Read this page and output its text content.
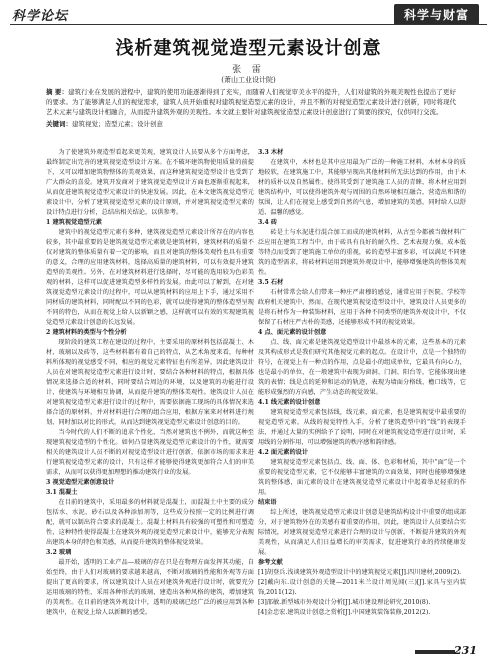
科学论坛	科学与财富
浅析建筑视觉造型元素设计创意
张 雷
(萧山工业设计院)
摘 要：建筑行业在发展的进程中，建筑的使用功能逐渐得到了充实，而随着人们视觉审美水平的提升，人们对建筑的外观美观性也提出了更好的要求。为了能够满足人们的视觉需求，建筑人员开始重视对建筑视觉造型元素的设计，并且不断的对视觉造型元素设计进行创新，同时将现代艺术元素与建筑设计相融合，从而提升建筑外观的美观性。本文就主要针对建筑视觉造型元素设计创意进行了简要的探究，仅供同行交流。
关键词：建筑视觉；造型元素；设计创意

为了使建筑外观造型看起来更美观，建筑设计人员要从多个方面考虑，最终制定出完善的建筑视觉造型设计方案。在不破坏建筑物使用质量的前提下，又可以增加建筑物整体的美观效果，而这种建筑视觉造型设计也受到了广大群众的喜爱。建筑开发商对于建筑视觉造型设计方面也逐渐重视起来，从而促进建筑视觉造型元素设计的快速发展。因此，在本文建筑视觉造型元素设计中，分析了建筑视觉造型元素的设计原则，并对建筑视觉造型元素的设计特点进行分析，总结出相关结论，以供参考。

1 建筑视觉造型元素

建筑中的视觉造型元素有多种，建筑视觉造型元素设计所存在的内容也较多，其中最重要的是建筑视觉造型元素就是建筑材料，建筑材料的质量不仅对建筑的整体质量有着一定的影响，而且对建筑的整体美观性也具有重要的意义，合理的应用建筑材料，选择高质量的建筑材料，可以有效提升建筑造型的美观性。另外，在对建筑材料进行选择时，尽可能的选用较为色彩美观的材料，这样可以促进建筑造型多样性的发展。由此可以了解到，在对建筑视觉造型元素设计的过程中，可以从建筑材料的应用上下手，通过采用不同材质的建筑材料，同时配以不同的色彩，就可以使得建筑的整体造型呈现不同的特色，从而在视觉上给人以新颖之感，这样就可以有效的实现建筑视觉造型元素设计创意的长远发展。

2 建筑材料的类型与个性分析

现阶段的建筑工程在建设的过程中，主要采用的原材料包括混凝土、木材、玻璃以及砖等，这些材料都有着自己的特点，从艺术角度来看，每种材料所体现的视觉感受不同，相应的视觉元素特征也有所差异，因此建筑设计人员在对建筑视觉造型元素进行设计时，要结合各种材料的特点，根据具体情况来选择合适的材料，同时要结合周边的环境，以及建筑的功能进行设计，使建筑与环境相互协调，从而提升建筑的整体美观性。建筑设计人员在对建筑视觉造型元素进行设计的过程中，需要依据施工现场的具体情况来选择合适的原材料，并对材料进行合理的组合应用，根据方案来对材料进行规划，同时加以对比的形式，从而达到建筑视觉造型元素设计创意的目的。

当今时代的人们不断的追求个性化，当然对建筑也不例外，而就这种至现建筑视觉造型的个性化。如何凸显建筑视觉造型元素设计的个性，就需要相关的建筑设计人员不断的对视觉造型设计进行创新，依据市场的需求来进行建筑视觉造型元素的设计，只有这样才能够使得建筑更加符合人们的审美需求，从而可以获得更加理想的推动建筑行业的发展。

3 视觉造型元素创意设计

3.1 混凝土

在目前的建筑中，采用最多的材料就是混凝土，而混凝土中主要的成分包括水、水泥、砂石以及各种添加剂等，这些成分按照一定的比例进行调配，就可以制出符合要求的混凝土。混凝土材料具有较强的可塑性和可塑造性，这种特性使得混凝土在建筑外观的视觉造型元素设计中，能够充分表现出建筑本身的特色和美感，从而提升建筑的整体视觉效果。

3.2 玻璃

最开始，透明的工业产品—玻璃的存在只是在物理方面发挥其功能，自始至终，由于人们对玻璃的要求越来越高，不断对玻璃的性能和外观等方面提出了更高的要求，所以建筑设计人员在对建筑外观进行设计时，就要充分运用玻璃的特性，采用各种形式的玻璃，建造出各种风格的建筑，增加建筑的美观性。在目前的建筑外观设计中，透明的玻璃已经广泛的被应用到各种建筑中，在视觉上给人以新颖的感受。

3.3 木材

在建筑中，木材也是其中应用最为广泛的一种施工材料，木材本身的质地较软，在建筑施工中，其能够呈现出其他材料所无法达到的作用，由于木材的质朴以及自然属性，使得其受到了建筑施工人员的青睐，将木材应用到建筑结构中，可以使得建筑外观与周围的自然环境相互融合，营造出和谐的氛围，让人们在视觉上感受到自然的气息，增加建筑的美感，同时给人以舒适、温馨的感觉。

3.4 砖

砖是土与水泥进行混合加工而成的建筑材料，从古至今都被当做材料广泛应用在建筑工程当中，由于砖具有良好的耐久性、艺术表现力强、成本低等特点而受到了建筑施工单位的重视，砖的造型丰富多彩，可以满足不同建筑的造型需求，将砖材料运用到建筑外观设计中，能够增强建筑的整体美观性。

3.5 石材

石材常常会给人们带来一种庄严肃穆的感觉，通常应用于医院、学校等政府机关建筑中，然而，在现代建筑视觉造型设计中，建筑设计人员更多的是将石材作为一种装饰材料，应用于各种不同类型的建筑外观设计中，不仅保留了石材庄严古朴的美感，还能够形成不同的视觉效果。

4 点、面元素的设计创意

点、线、面元素是建筑视觉造型设计中最基本的元素，这些基本的元素及其构成形式是我们研究其他视觉元素的起点。在设计中，点是一个独特的符号，在视觉上有一种点的作用，点是最小的组成单位，它最具有向心力，也是最小的单位，在一般建筑中表现为窗洞、门洞、阳台等，它能体现出建筑的表情；线是点的延伸和运动的轨迹，表现为墙面分格线、檐口线等，它能形成强烈的方向感，产生动态的视觉效果。

4.1 线元素的设计创意

建筑视觉造型元素包括线，线元素，面元素，也是建筑视觉中最重要的视觉造型元素，从线的视觉特性入手，分析了建筑造型中的“线”的表现手法，并通过大量的实例给予了说明，同时在对建筑视觉造型进行设计时，采用线的分割作用，可以增强建筑的秩序感和韵律感。

4.2 面元素的设计

建筑视觉造型元素包括点、线、面、体、色彩和材质，其中“面”是一个重要的视觉造型元素，它不仅能够丰富建筑的立面效果，同时也能够增强建筑的整体感，面元素的设计在建筑视觉造型元素设计中起着举足轻重的作用。

结束语

综上所述，建筑视觉造型元素设计创意是建筑结构设计中重要的组成部分，对于建筑物外在的美感有着重要的作用，因此，建筑设计人员要结合实际情况，对建筑视觉造型元素进行合理的设计与创新，不断提升建筑的外观美观性，从而满足人们日益增长的审美需求，促进建筑行业的持续健康发展。

参考文献

[1]胡登兵.浅谈建筑外观造型设计中的建筑视觉元素[J].四川建材,2009(2).

[2]戴向东.设计创意的关键—2011米兰设计周见闻(三)[J].家具与室内装饰,2011(12).

[3]邵敏.新型城市外观设计分析[J].城市建设理论研究,2010(8).

[4]金忠宏.建筑设计创意之赏析[J].中国建筑装饰装修,2012(2).

231
